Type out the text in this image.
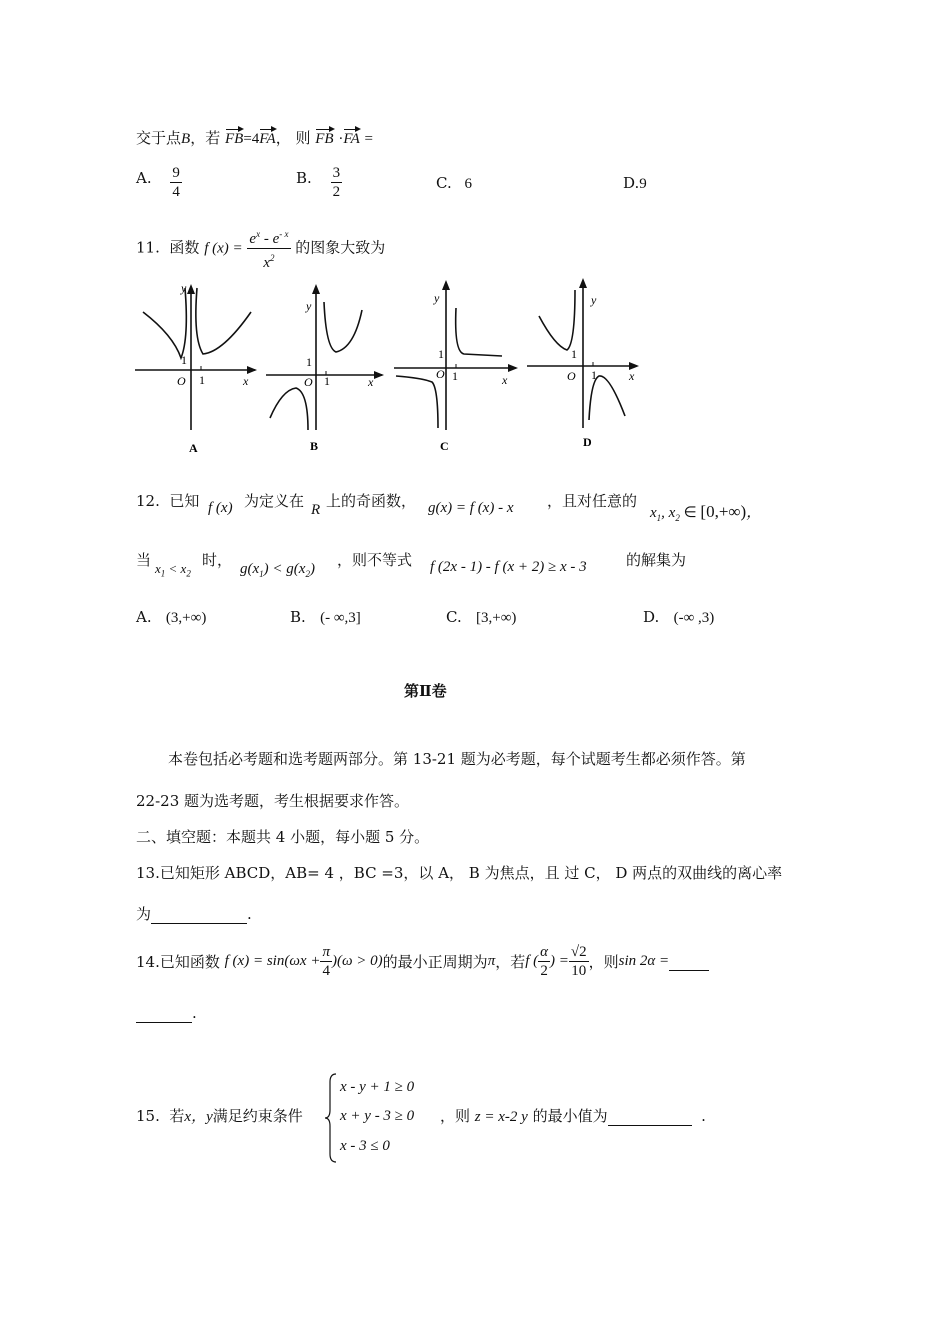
交于点B，若 FB=4FA， 则 FB ·FA =
A. $\frac{9}{4}$	B. $\frac{3}{2}$	C. 6	D.9
11. 函数 f $(x) = \frac{e^x - e^{- x}}{x^2}$ 的图象大致为
y
x
O 1
1
A
y
x
O 1
1
B
y
x
O 1
1
C
y
x
O 1
1
D
12. 已知 f (x) 为定义在 R 上的奇函数， g(x) = f (x) - x ，且对任意的
$x_1$, $x_2$ ∈ [0,+∞)，
当 $x_1 < x_2$
时， $g(x_1) < g(x_2)$ ，则不等式 f (2x - 1) - f (x + 2) ≥ x - 3	的解集为
A. (3,+∞)	B. (- ∞,3]	C. [3,+∞)	D. (-∞ ,3)
第Ⅱ卷
本卷包括必考题和选考题两部分。第 13-21 题为必考题，每个试题考生都必须作答。第
22-23 题为选考题，考生根据要求作答。
二、填空题：本题共 4 小题，每小题 5 分。
13.已知矩形 ABCD，AB= 4 ，BC =3，以 A， B 为焦点，且 过 C， D 两点的双曲线的离心率
为	.
14.已知函数
f $(x) = \sin(\omega x + \frac{\pi}{4} )(\omega > 0)$ 的最小正周期为 π ，若 f ( $\frac{\alpha}{2}$ ) = $\frac{√2}{10}$ ，则 sin 2α =

.
15. 若x，y满足约束条件
x - y + 1 ≥ 0
x + y - 3 ≥ 0
x - 3 ≤ 0
，则 z = x-2 y 的最小值为	.
